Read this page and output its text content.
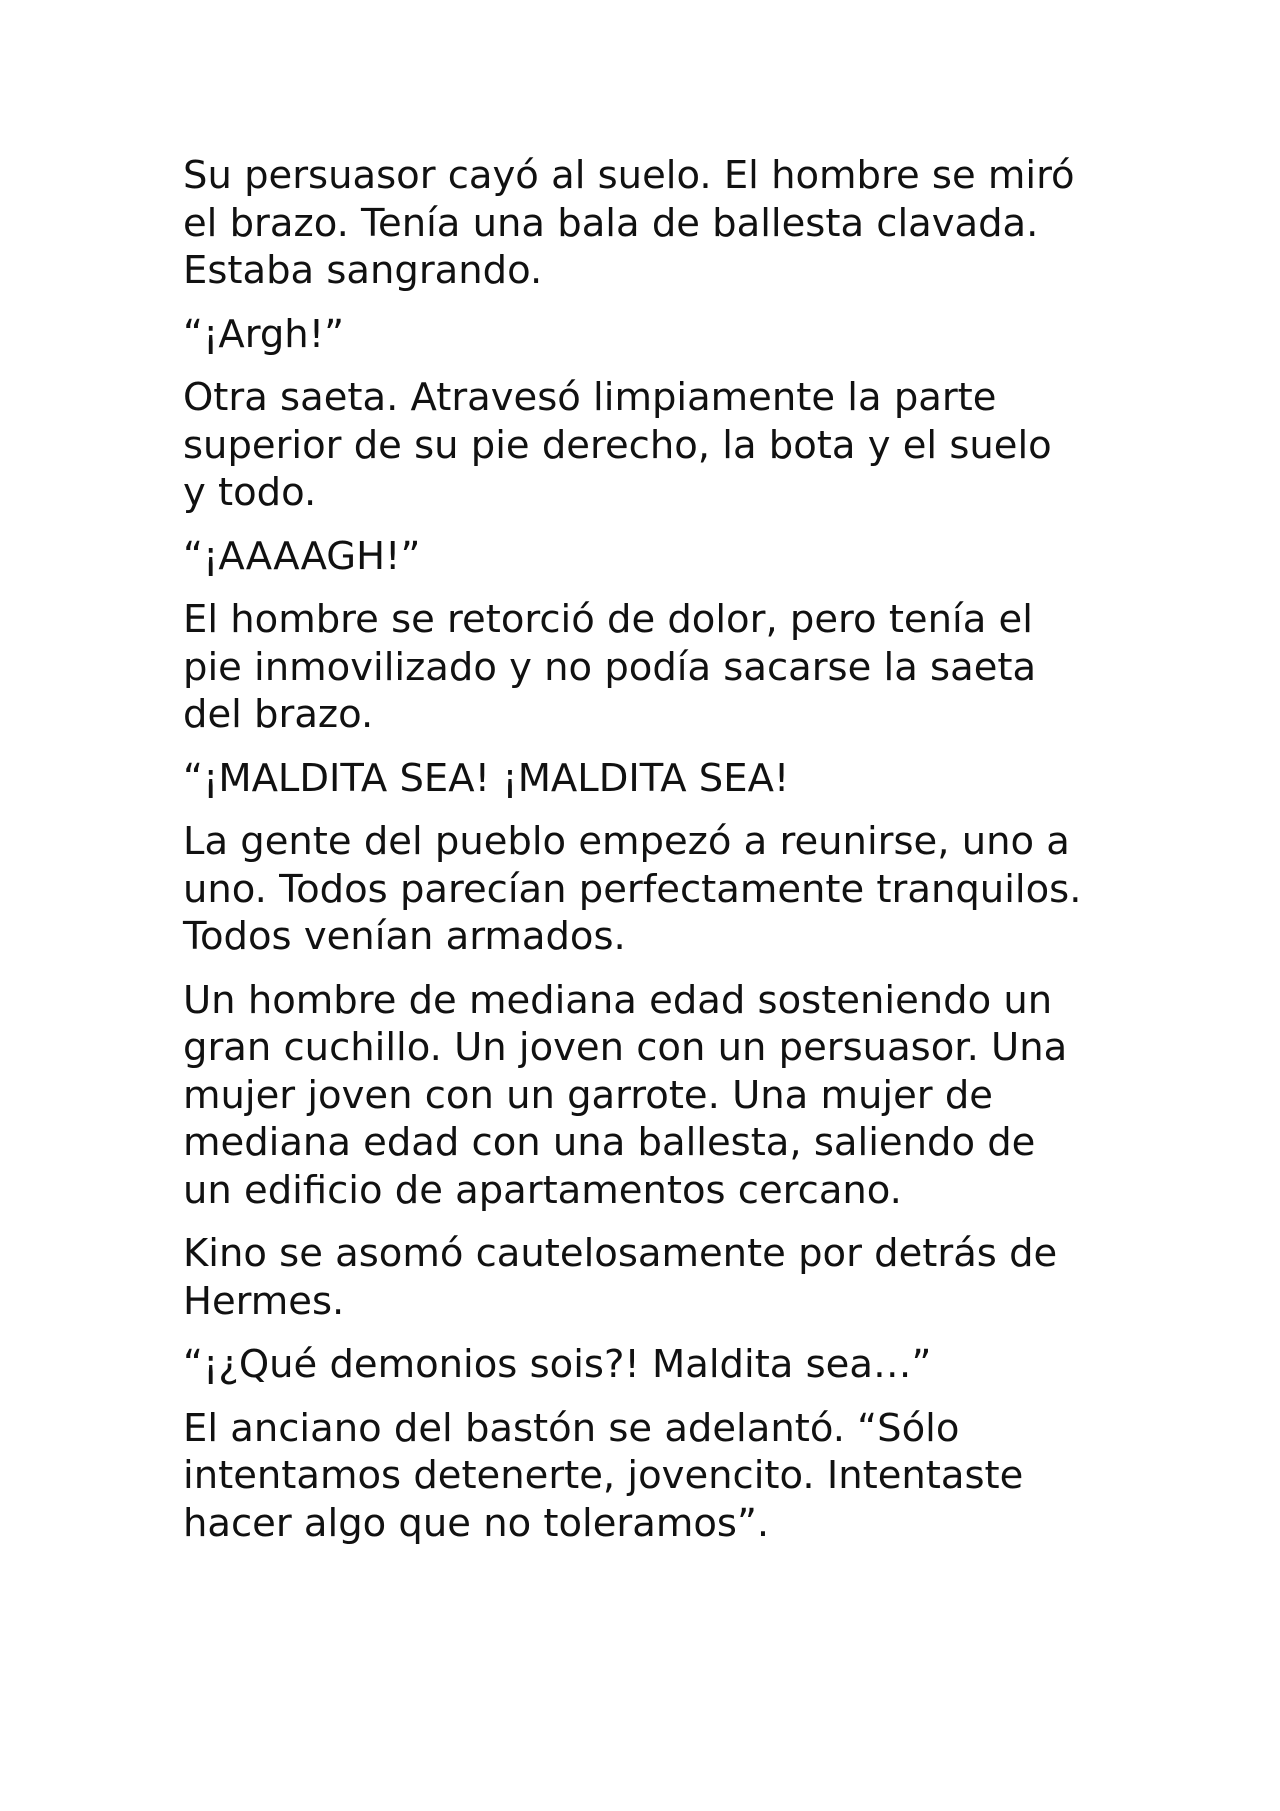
Su persuasor cayó al suelo. El hombre se miró
el brazo. Tenía una bala de ballesta clavada.
Estaba sangrando.

“¡Argh!”

Otra saeta. Atravesó limpiamente la parte
superior de su pie derecho, la bota y el suelo
y todo.

“¡AAAAGH!”

El hombre se retorció de dolor, pero tenía el
pie inmovilizado y no podía sacarse la saeta
del brazo.

“¡MALDITA SEA! ¡MALDITA SEA!

La gente del pueblo empezó a reunirse, uno a
uno. Todos parecían perfectamente tranquilos.
Todos venían armados.

Un hombre de mediana edad sosteniendo un
gran cuchillo. Un joven con un persuasor. Una
mujer joven con un garrote. Una mujer de
mediana edad con una ballesta, saliendo de
un edificio de apartamentos cercano.

Kino se asomó cautelosamente por detrás de
Hermes.

“¡¿Qué demonios sois?! Maldita sea…”

El anciano del bastón se adelantó. “Sólo
intentamos detenerte, jovencito. Intentaste
hacer algo que no toleramos”.
